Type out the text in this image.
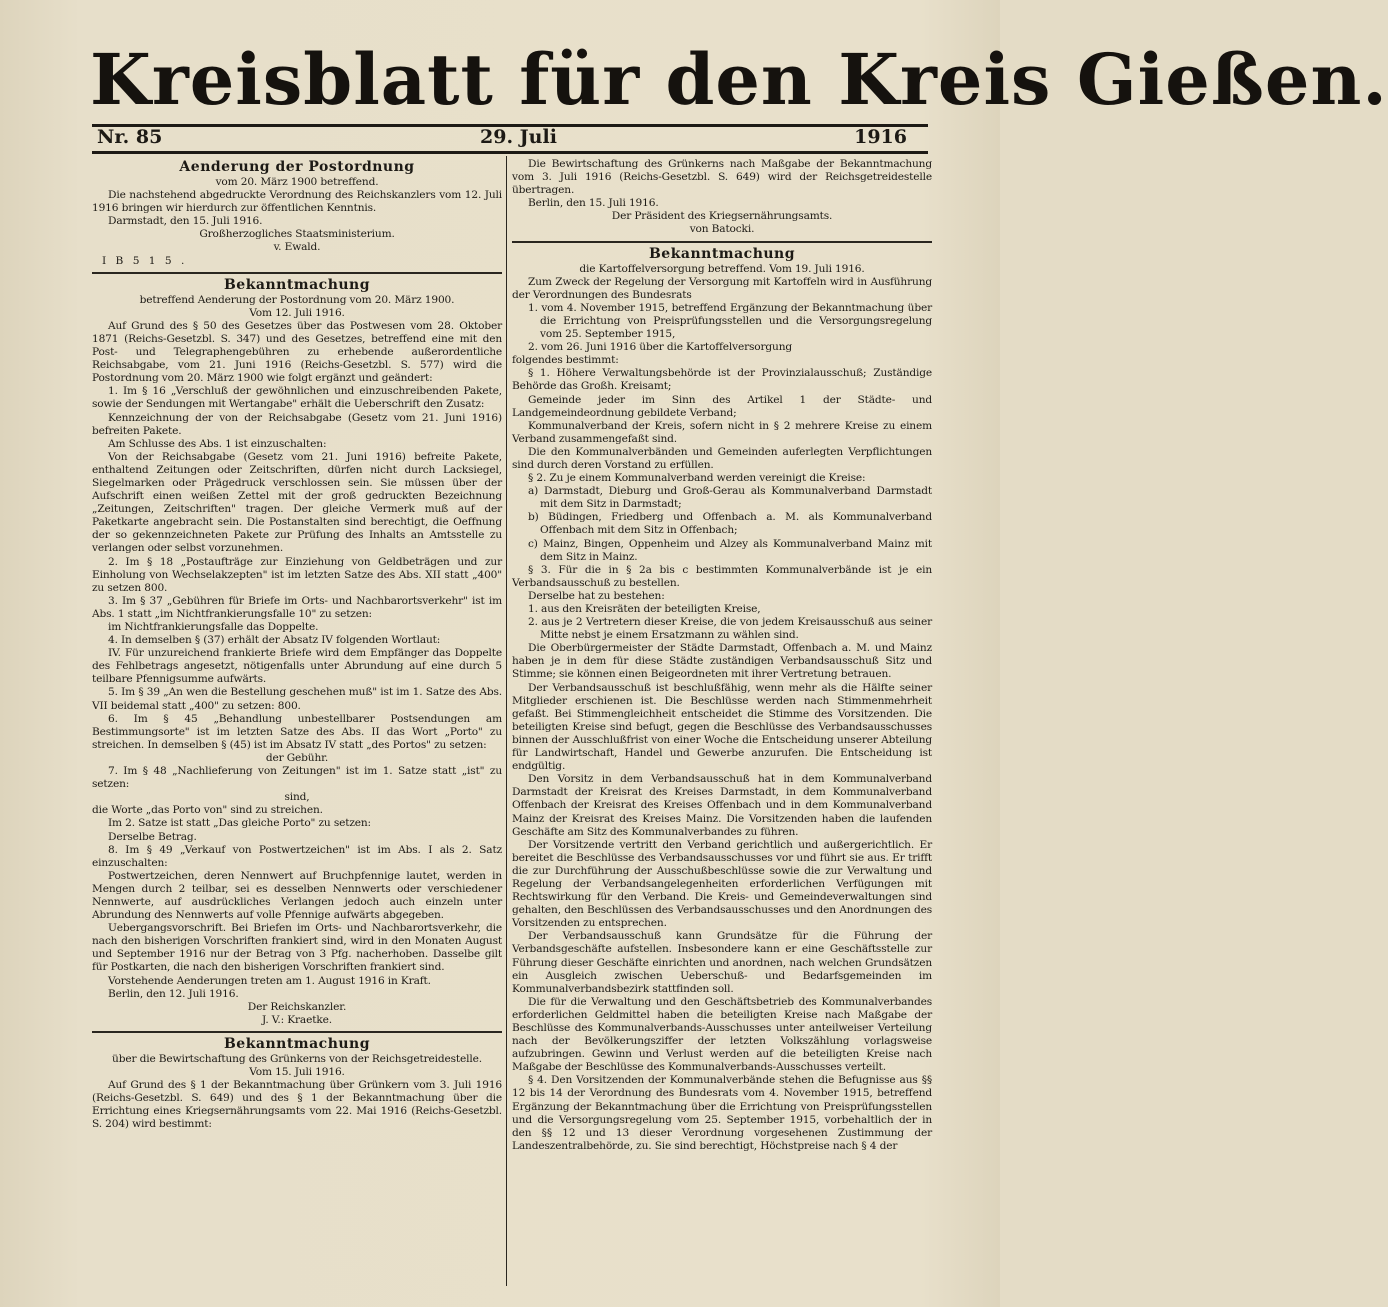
Kreisblatt für den Kreis Gießen.
Nr. 85	29. Juli	1916
Aenderung der Postordnung

vom 20. März 1900 betreffend.

Die nachstehend abgedruckte Verordnung des Reichskanzlers vom 12. Juli 1916 bringen wir hierdurch zur öffentlichen Kenntnis.

Darmstadt, den 15. Juli 1916.

Großherzogliches Staatsministerium.

v. Ewald.

I B 5 1 5 .

Bekanntmachung

betreffend Aenderung der Postordnung vom 20. März 1900.

Vom 12. Juli 1916.

Auf Grund des § 50 des Gesetzes über das Postwesen vom 28. Oktober 1871 (Reichs-Gesetzbl. S. 347) und des Gesetzes, betreffend eine mit den Post- und Telegraphengebühren zu erhebende außerordentliche Reichsabgabe, vom 21. Juni 1916 (Reichs-Gesetzbl. S. 577) wird die Postordnung vom 20. März 1900 wie folgt ergänzt und geändert:

1. Im § 16 „Verschluß der gewöhnlichen und einzuschreibenden Pakete, sowie der Sendungen mit Wertangabe" erhält die Ueberschrift den Zusatz:

Kennzeichnung der von der Reichsabgabe (Gesetz vom 21. Juni 1916) befreiten Pakete.

Am Schlusse des Abs. 1 ist einzuschalten:

Von der Reichsabgabe (Gesetz vom 21. Juni 1916) befreite Pakete, enthaltend Zeitungen oder Zeitschriften, dürfen nicht durch Lacksiegel, Siegelmarken oder Prägedruck verschlossen sein. Sie müssen über der Aufschrift einen weißen Zettel mit der groß gedruckten Bezeichnung „Zeitungen, Zeitschriften" tragen. Der gleiche Vermerk muß auf der Paketkarte angebracht sein. Die Postanstalten sind berechtigt, die Oeffnung der so gekennzeichneten Pakete zur Prüfung des Inhalts an Amtsstelle zu verlangen oder selbst vorzunehmen.

2. Im § 18 „Postaufträge zur Einziehung von Geldbeträgen und zur Einholung von Wechselakzepten" ist im letzten Satze des Abs. XII statt „400" zu setzen 800.

3. Im § 37 „Gebühren für Briefe im Orts- und Nachbarortsverkehr" ist im Abs. 1 statt „im Nichtfrankierungsfalle 10" zu setzen:

im Nichtfrankierungsfalle das Doppelte.

4. In demselben § (37) erhält der Absatz IV folgenden Wortlaut:

IV. Für unzureichend frankierte Briefe wird dem Empfänger das Doppelte des Fehlbetrags angesetzt, nötigenfalls unter Abrundung auf eine durch 5 teilbare Pfennigsumme aufwärts.

5. Im § 39 „An wen die Bestellung geschehen muß" ist im 1. Satze des Abs. VII beidemal statt „400" zu setzen: 800.

6. Im § 45 „Behandlung unbestellbarer Postsendungen am Bestimmungsorte" ist im letzten Satze des Abs. II das Wort „Porto" zu streichen. In demselben § (45) ist im Absatz IV statt „des Portos" zu setzen:

der Gebühr.

7. Im § 48 „Nachlieferung von Zeitungen" ist im 1. Satze statt „ist" zu setzen:

sind,

die Worte „das Porto von" sind zu streichen.

Im 2. Satze ist statt „Das gleiche Porto" zu setzen:

Derselbe Betrag.

8. Im § 49 „Verkauf von Postwertzeichen" ist im Abs. I als 2. Satz einzuschalten:

Postwertzeichen, deren Nennwert auf Bruchpfennige lautet, werden in Mengen durch 2 teilbar, sei es desselben Nennwerts oder verschiedener Nennwerte, auf ausdrückliches Verlangen jedoch auch einzeln unter Abrundung des Nennwerts auf volle Pfennige aufwärts abgegeben.

Uebergangsvorschrift. Bei Briefen im Orts- und Nachbarortsverkehr, die nach den bisherigen Vorschriften frankiert sind, wird in den Monaten August und September 1916 nur der Betrag von 3 Pfg. nacherhoben. Dasselbe gilt für Postkarten, die nach den bisherigen Vorschriften frankiert sind.

Vorstehende Aenderungen treten am 1. August 1916 in Kraft.

Berlin, den 12. Juli 1916.

Der Reichskanzler.

J. V.: Kraetke.

Bekanntmachung

über die Bewirtschaftung des Grünkerns von der Reichsgetreidestelle.

Vom 15. Juli 1916.

Auf Grund des § 1 der Bekanntmachung über Grünkern vom 3. Juli 1916 (Reichs-Gesetzbl. S. 649) und des § 1 der Bekanntmachung über die Errichtung eines Kriegsernährungsamts vom 22. Mai 1916 (Reichs-Gesetzbl. S. 204) wird bestimmt:

Die Bewirtschaftung des Grünkerns nach Maßgabe der Bekanntmachung vom 3. Juli 1916 (Reichs-Gesetzbl. S. 649) wird der Reichsgetreidestelle übertragen.

Berlin, den 15. Juli 1916.

Der Präsident des Kriegsernährungsamts.

von Batocki.

Bekanntmachung

die Kartoffelversorgung betreffend. Vom 19. Juli 1916.

Zum Zweck der Regelung der Versorgung mit Kartoffeln wird in Ausführung der Verordnungen des Bundesrats

1. vom 4. November 1915, betreffend Ergänzung der Bekanntmachung über die Errichtung von Preisprüfungsstellen und die Versorgungsregelung vom 25. September 1915,

2. vom 26. Juni 1916 über die Kartoffelversorgung

folgendes bestimmt:

§ 1. Höhere Verwaltungsbehörde ist der Provinzialausschuß; Zuständige Behörde das Großh. Kreisamt;

Gemeinde jeder im Sinn des Artikel 1 der Städte- und Landgemeindeordnung gebildete Verband;

Kommunalverband der Kreis, sofern nicht in § 2 mehrere Kreise zu einem Verband zusammengefaßt sind.

Die den Kommunalverbänden und Gemeinden auferlegten Verpflichtungen sind durch deren Vorstand zu erfüllen.

§ 2. Zu je einem Kommunalverband werden vereinigt die Kreise:

a) Darmstadt, Dieburg und Groß-Gerau als Kommunalverband Darmstadt mit dem Sitz in Darmstadt;

b) Büdingen, Friedberg und Offenbach a. M. als Kommunalverband Offenbach mit dem Sitz in Offenbach;

c) Mainz, Bingen, Oppenheim und Alzey als Kommunalverband Mainz mit dem Sitz in Mainz.

§ 3. Für die in § 2a bis c bestimmten Kommunalverbände ist je ein Verbandsausschuß zu bestellen.

Derselbe hat zu bestehen:

1. aus den Kreisräten der beteiligten Kreise,

2. aus je 2 Vertretern dieser Kreise, die von jedem Kreisausschuß aus seiner Mitte nebst je einem Ersatzmann zu wählen sind.

Die Oberbürgermeister der Städte Darmstadt, Offenbach a. M. und Mainz haben je in dem für diese Städte zuständigen Verbandsausschuß Sitz und Stimme; sie können einen Beigeordneten mit ihrer Vertretung betrauen.

Der Verbandsausschuß ist beschlußfähig, wenn mehr als die Hälfte seiner Mitglieder erschienen ist. Die Beschlüsse werden nach Stimmenmehrheit gefaßt. Bei Stimmengleichheit entscheidet die Stimme des Vorsitzenden. Die beteiligten Kreise sind befugt, gegen die Beschlüsse des Verbandsausschusses binnen der Ausschlußfrist von einer Woche die Entscheidung unserer Abteilung für Landwirtschaft, Handel und Gewerbe anzurufen. Die Entscheidung ist endgültig.

Den Vorsitz in dem Verbandsausschuß hat in dem Kommunalverband Darmstadt der Kreisrat des Kreises Darmstadt, in dem Kommunalverband Offenbach der Kreisrat des Kreises Offenbach und in dem Kommunalverband Mainz der Kreisrat des Kreises Mainz. Die Vorsitzenden haben die laufenden Geschäfte am Sitz des Kommunalverbandes zu führen.

Der Vorsitzende vertritt den Verband gerichtlich und außergerichtlich. Er bereitet die Beschlüsse des Verbandsausschusses vor und führt sie aus. Er trifft die zur Durchführung der Ausschußbeschlüsse sowie die zur Verwaltung und Regelung der Verbandsangelegenheiten erforderlichen Verfügungen mit Rechtswirkung für den Verband. Die Kreis- und Gemeindeverwaltungen sind gehalten, den Beschlüssen des Verbandsausschusses und den Anordnungen des Vorsitzenden zu entsprechen.

Der Verbandsausschuß kann Grundsätze für die Führung der Verbandsgeschäfte aufstellen. Insbesondere kann er eine Geschäftsstelle zur Führung dieser Geschäfte einrichten und anordnen, nach welchen Grundsätzen ein Ausgleich zwischen Ueberschuß- und Bedarfsgemeinden im Kommunalverbandsbezirk stattfinden soll.

Die für die Verwaltung und den Geschäftsbetrieb des Kommunalverbandes erforderlichen Geldmittel haben die beteiligten Kreise nach Maßgabe der Beschlüsse des Kommunalverbands-Ausschusses unter anteilweiser Verteilung nach der Bevölkerungsziffer der letzten Volkszählung vorlagsweise aufzubringen. Gewinn und Verlust werden auf die beteiligten Kreise nach Maßgabe der Beschlüsse des Kommunalverbands-Ausschusses verteilt.

§ 4. Den Vorsitzenden der Kommunalverbände stehen die Befugnisse aus §§ 12 bis 14 der Verordnung des Bundesrats vom 4. November 1915, betreffend Ergänzung der Bekanntmachung über die Errichtung von Preisprüfungsstellen und die Versorgungsregelung vom 25. September 1915, vorbehaltlich der in den §§ 12 und 13 dieser Verordnung vorgesehenen Zustimmung der Landeszentralbehörde, zu. Sie sind berechtigt, Höchstpreise nach § 4 der
